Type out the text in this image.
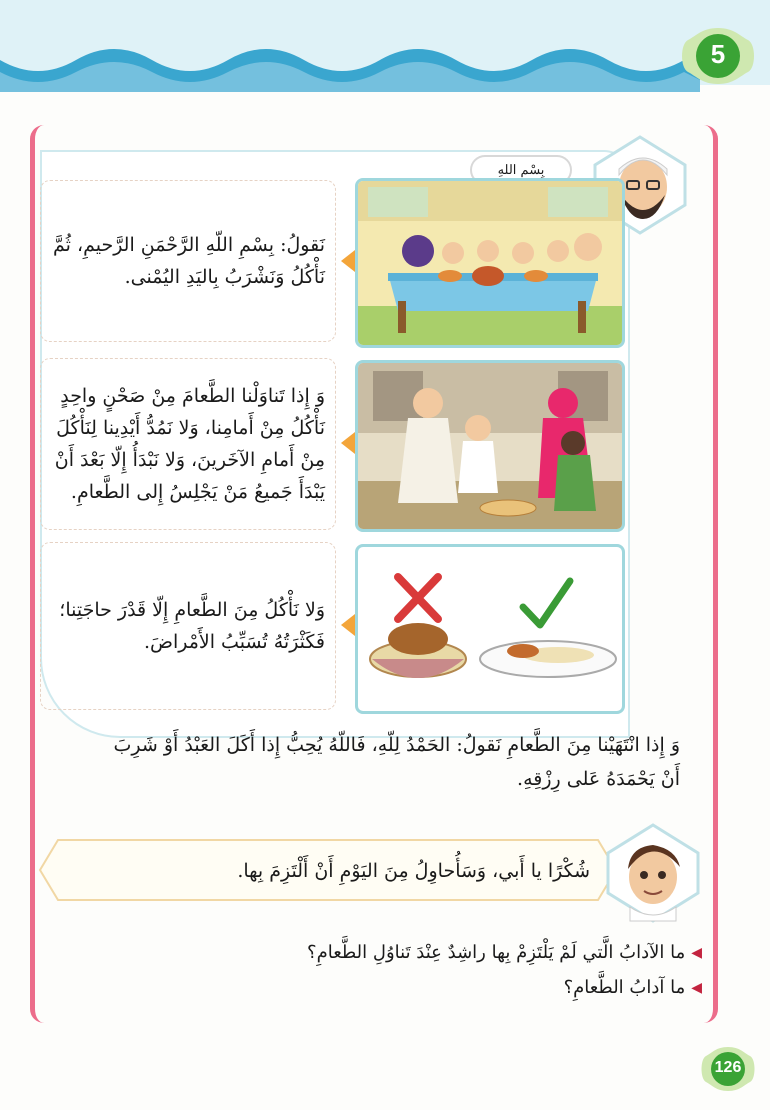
5
بِسْمِ اللهِ
نَقولُ: بِسْمِ اللّهِ الرَّحْمَنِ الرَّحيمِ، ثُمَّ نَأْكُلُ وَنَشْرَبُ بِاليَدِ اليُمْنى.
وَ إِذا تَناوَلْنا الطَّعامَ مِنْ صَحْنٍ واحِدٍ نَأْكُلُ مِنْ أَمامِنا، وَلا نَمُدُّ أَيْدِينا لِنَأْكُلَ مِنْ أَمامِ الآخَرينَ، وَلا نَبْدَأُ إِلّا بَعْدَ أَنْ يَبْدَأَ جَميعُ مَنْ يَجْلِسُ إِلى الطَّعامِ.
وَلا نَأْكُلُ مِنَ الطَّعامِ إِلّا قَدْرَ حاجَتِنا؛ فَكَثْرَتُهُ تُسَبِّبُ الأَمْراضَ.
وَ إِذا انْتَهَيْنا مِنَ الطَّعامِ نَقولُ: الحَمْدُ لِلّهِ، فَاللّهُ يُحِبُّ إِذا أَكَلَ العَبْدُ أَوْ شَرِبَ أَنْ يَحْمَدَهُ عَلى رِزْقِهِ.
شُكْرًا يا أَبي، وَسَأُحاوِلُ مِنَ اليَوْمِ أَنْ أَلْتَزِمَ بِها.
◀
ما الآدابُ الَّتي لَمْ يَلْتَزِمْ بِها راشِدٌ عِنْدَ تَناوُلِ الطَّعامِ؟
◀
ما آدابُ الطَّعامِ؟
126
